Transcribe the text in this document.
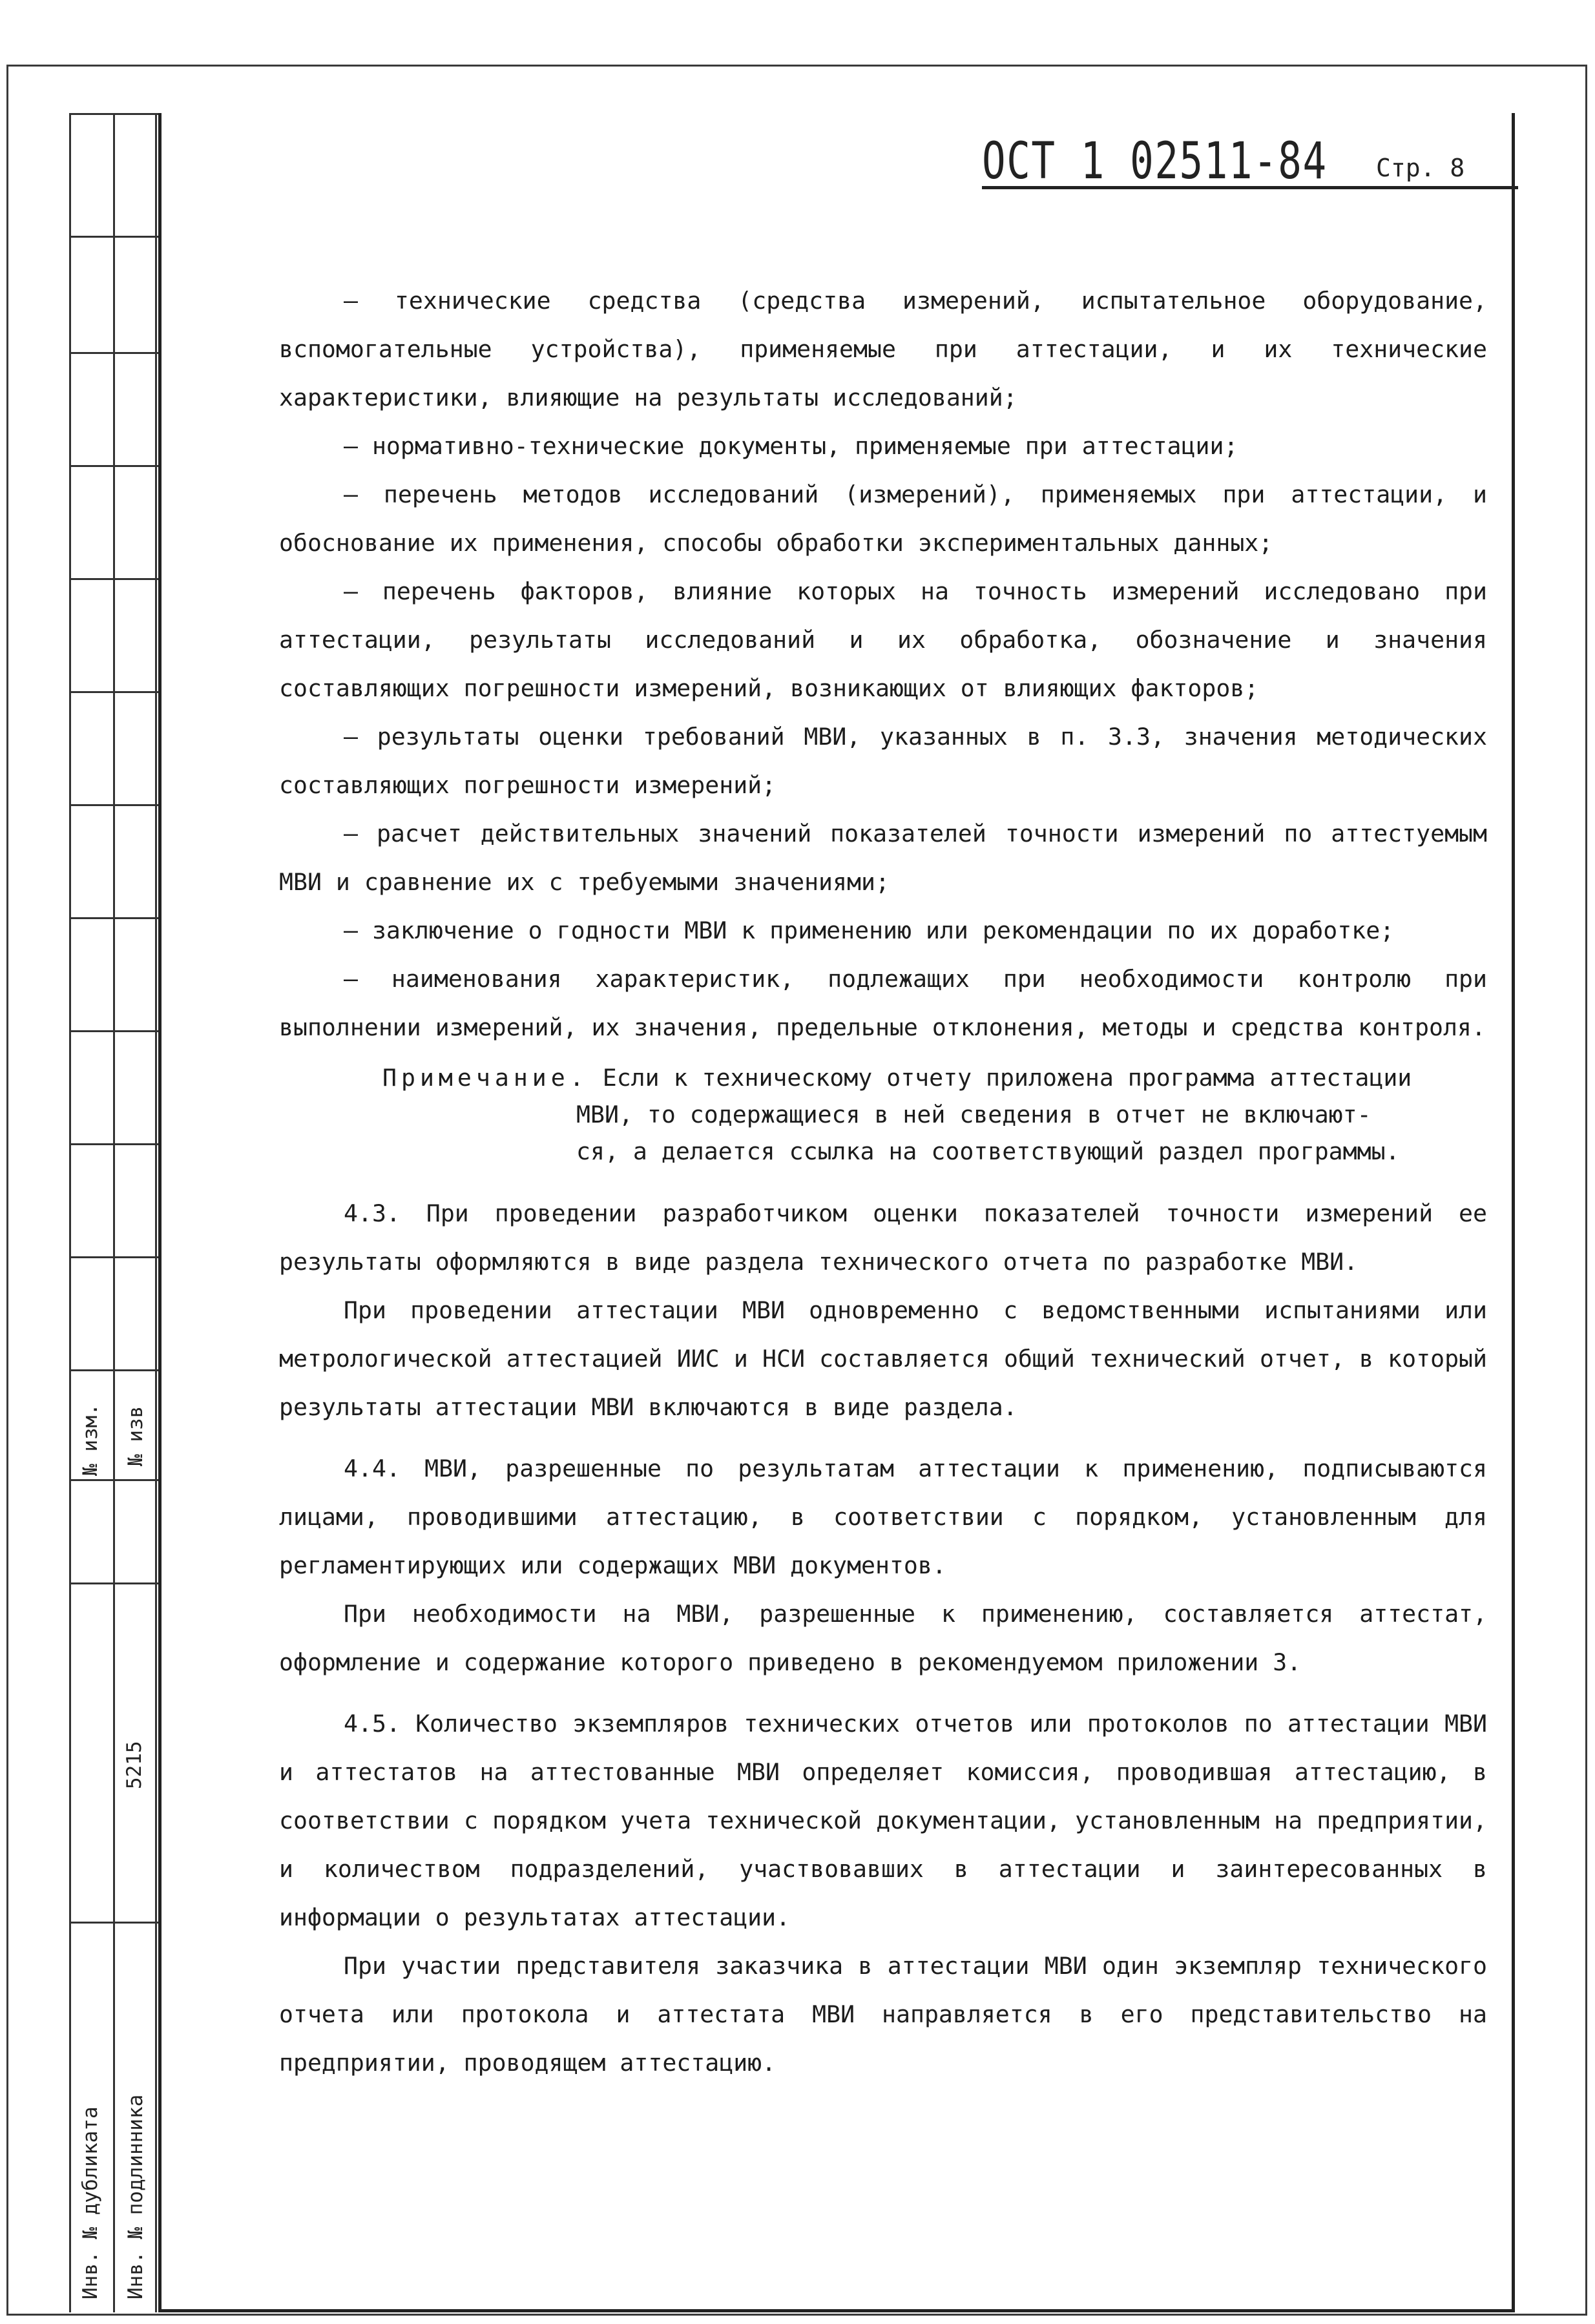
№ изм. № изв
5215
Инв. № дубликата Инв. № подлинника
ОСТ 1 02511-84 Стр. 8

– технические средства (средства измерений, испытательное оборудование, вспомогательные устройства), применяемые при аттестации, и их технические характеристики, влияющие на результаты исследований;

– нормативно-технические документы, применяемые при аттестации;

– перечень методов исследований (измерений), применяемых при аттестации, и обоснование их применения, способы обработки экспериментальных данных;

– перечень факторов, влияние которых на точность измерений исследовано при аттестации, результаты исследований и их обработка, обозначение и значения составляющих погрешности измерений, возникающих от влияющих факторов;

– результаты оценки требований МВИ, указанных в п. 3.3, значения методических составляющих погрешности измерений;

– расчет действительных значений показателей точности измерений по аттестуемым МВИ и сравнение их с требуемыми значениями;

– заключение о годности МВИ к применению или рекомендации по их доработке;

– наименования характеристик, подлежащих при необходимости контролю при выполнении измерений, их значения, предельные отклонения, методы и средства контроля.

Примечание. Если к техническому отчету приложена программа аттестации
МВИ, то содержащиеся в ней сведения в отчет не включают-
ся, а делается ссылка на соответствующий раздел программы.

4.3. При проведении разработчиком оценки показателей точности измерений ее результаты оформляются в виде раздела технического отчета по разработке МВИ.

При проведении аттестации МВИ одновременно с ведомственными испытаниями или метрологической аттестацией ИИС и НСИ составляется общий технический отчет, в который результаты аттестации МВИ включаются в виде раздела.

4.4. МВИ, разрешенные по результатам аттестации к применению, подписываются лицами, проводившими аттестацию, в соответствии с порядком, установленным для регламентирующих или содержащих МВИ документов.

При необходимости на МВИ, разрешенные к применению, составляется аттестат, оформление и содержание которого приведено в рекомендуемом приложении 3.

4.5. Количество экземпляров технических отчетов или протоколов по аттестации МВИ и аттестатов на аттестованные МВИ определяет комиссия, проводившая аттестацию, в соответствии с порядком учета технической документации, установленным на предприятии, и количеством подразделений, участвовавших в аттестации и заинтересованных в информации о результатах аттестации.

При участии представителя заказчика в аттестации МВИ один экземпляр технического отчета или протокола и аттестата МВИ направляется в его представительство на предприятии, проводящем аттестацию.
